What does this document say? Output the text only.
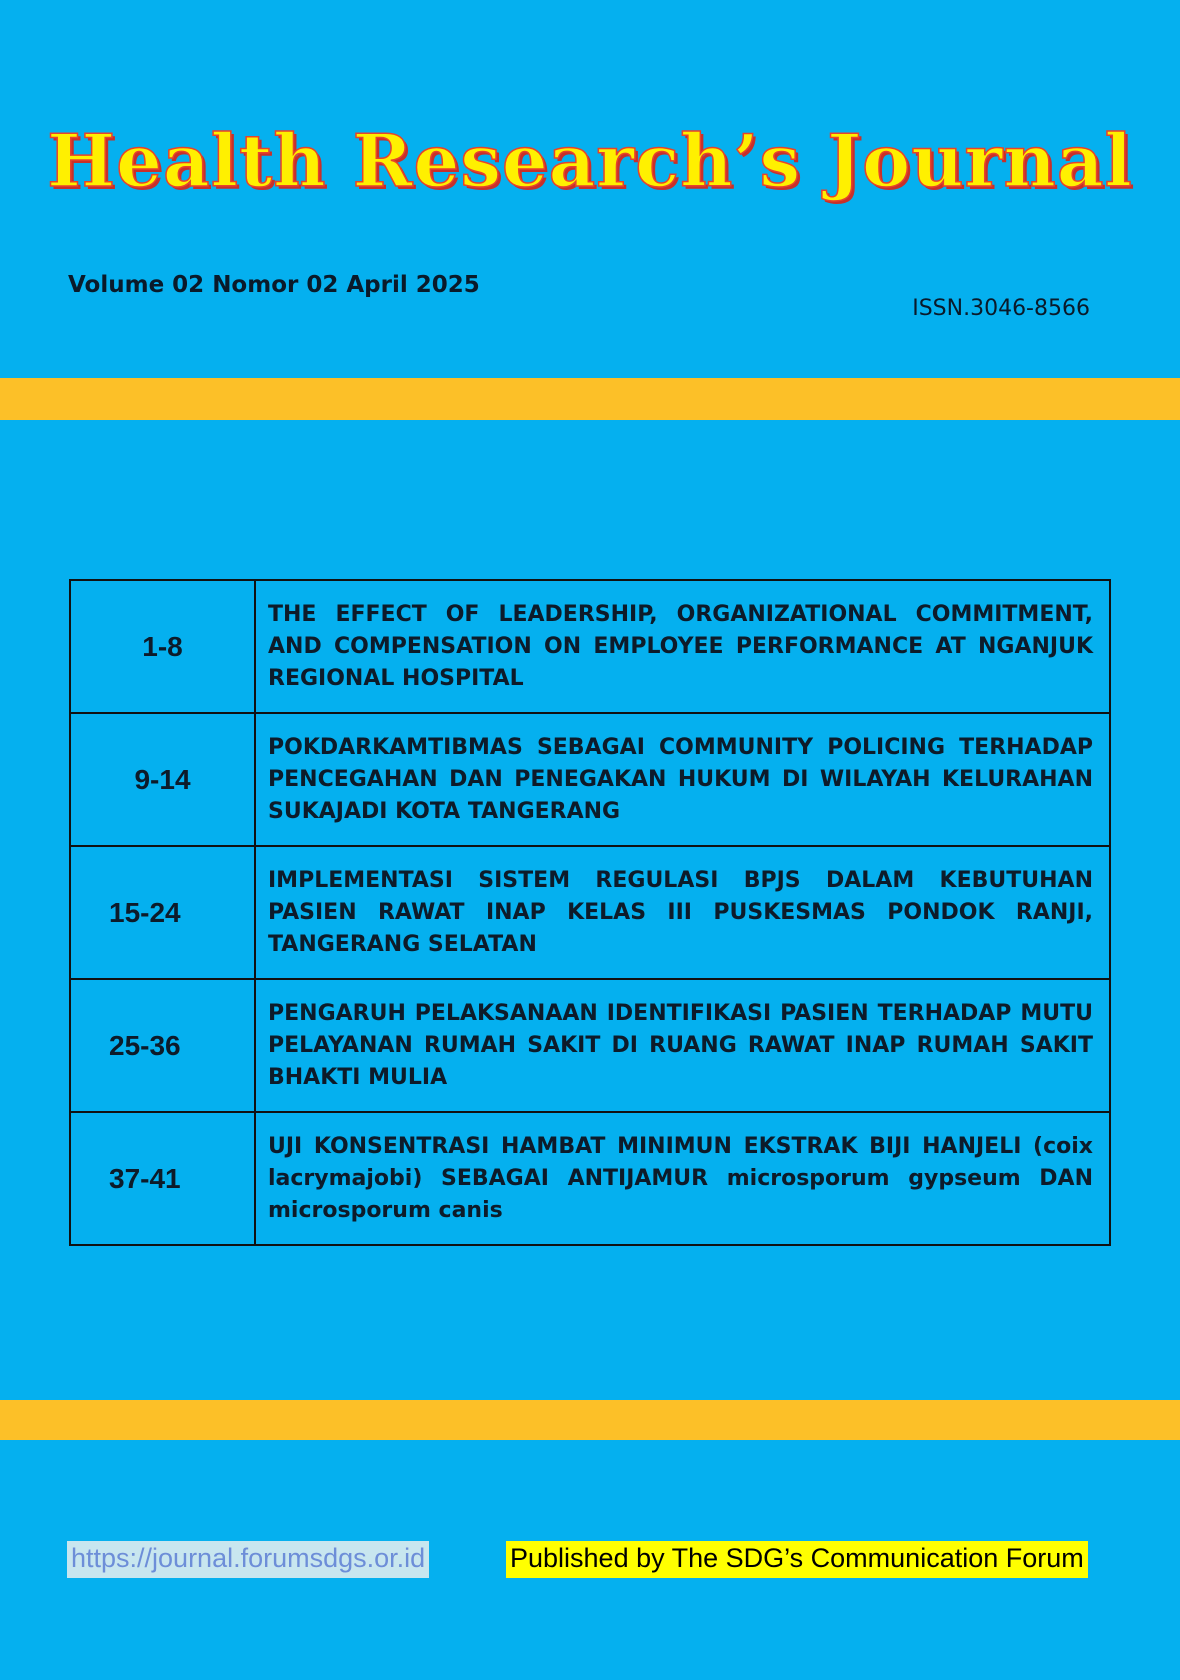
Health Research’s Journal
Volume 02 Nomor 02 April 2025
ISSN.3046-8566
1-8	THE EFFECT OF LEADERSHIP, ORGANIZATIONAL COMMITMENT, AND COMPENSATION ON EMPLOYEE PERFORMANCE AT NGANJUK REGIONAL HOSPITAL
9-14	POKDARKAMTIBMAS SEBAGAI COMMUNITY POLICING TERHADAP PENCEGAHAN DAN PENEGAKAN HUKUM DI WILAYAH KELURAHAN SUKAJADI KOTA TANGERANG
15-24	IMPLEMENTASI SISTEM REGULASI BPJS DALAM KEBUTUHAN PASIEN RAWAT INAP KELAS III PUSKESMAS PONDOK RANJI, TANGERANG SELATAN
25-36	PENGARUH PELAKSANAAN IDENTIFIKASI PASIEN TERHADAP MUTU PELAYANAN RUMAH SAKIT DI RUANG RAWAT INAP RUMAH SAKIT BHAKTI MULIA
37-41	UJI KONSENTRASI HAMBAT MINIMUN EKSTRAK BIJI HANJELI (coix lacrymajobi) SEBAGAI ANTIJAMUR microsporum gypseum DAN microsporum canis
https://journal.forumsdgs.or.id	Published by The SDG’s Communication Forum
